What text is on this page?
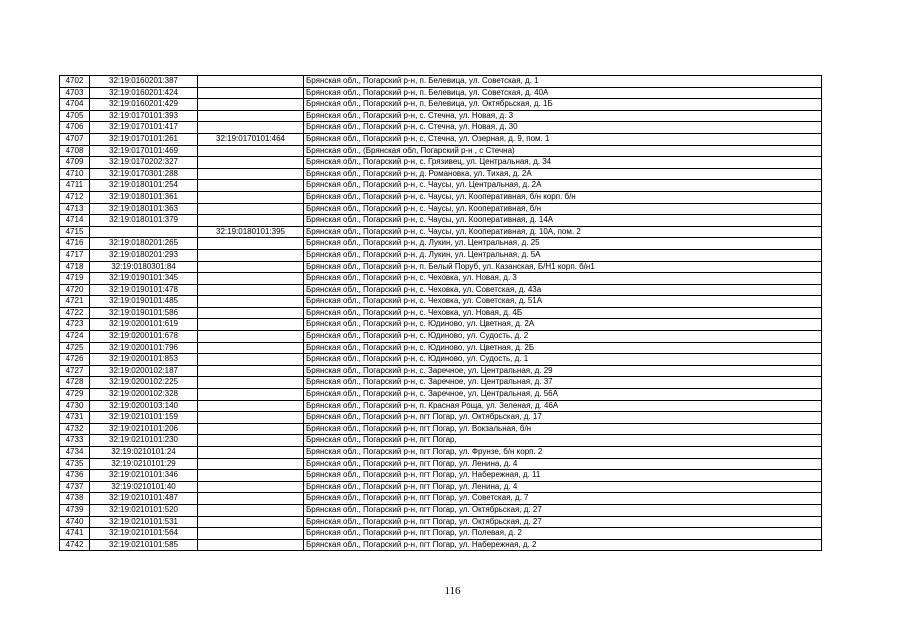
4702	32:19:0160201:387		Брянская обл., Погарский р-н, п. Белевица, ул. Советская, д. 1
4703	32:19:0160201:424		Брянская обл., Погарский р-н, п. Белевица, ул. Советская, д. 40А
4704	32:19:0160201:429		Брянская обл., Погарский р-н, п. Белевица, ул. Октябрьская, д. 1Б
4705	32:19:0170101:393		Брянская обл., Погарский р-н, с. Стечна, ул. Новая, д. 3
4706	32:19:0170101:417		Брянская обл., Погарский р-н, с. Стечна, ул. Новая, д. 30
4707	32:19:0170101:261	32:19:0170101:464	Брянская обл., Погарский р-н, с. Стечна, ул. Озерная, д. 9, пом. 1
4708	32:19:0170101:469		Брянская обл., (Брянская обл, Погарский р-н , с Стечна)
4709	32:19:0170202:327		Брянская обл., Погарский р-н, с. Грязивец, ул. Центральная, д. 34
4710	32:19:0170301:288		Брянская обл., Погарский р-н, д. Романовка, ул. Тихая, д. 2А
4711	32:19:0180101:254		Брянская обл., Погарский р-н, с. Чаусы, ул. Центральная, д. 2А
4712	32:19:0180101:361		Брянская обл., Погарский р-н, с. Чаусы, ул. Кооперативная, б/н корп. б/н
4713	32:19:0180101:363		Брянская обл., Погарский р-н, с. Чаусы, ул. Кооперативная, б/н
4714	32:19:0180101:379		Брянская обл., Погарский р-н, с. Чаусы, ул. Кооперативная, д. 14А
4715		32:19:0180101:395	Брянская обл., Погарский р-н, с. Чаусы, ул. Кооперативная, д. 10А, пом. 2
4716	32:19:0180201:265		Брянская обл., Погарский р-н, д. Лукин, ул. Центральная, д. 25
4717	32:19:0180201:293		Брянская обл., Погарский р-н, д. Лукин, ул. Центральная, д. 5А
4718	32:19:0180301:84		Брянская обл., Погарский р-н, п. Белый Поруб, ул. Казанская, Б/Н1 корп. б/н1
4719	32:19:0190101:345		Брянская обл., Погарский р-н, с. Чеховка, ул. Новая, д. 3
4720	32:19:0190101:478		Брянская обл., Погарский р-н, с. Чеховка, ул. Советская, д. 43а
4721	32:19:0190101:485		Брянская обл., Погарский р-н, с. Чеховка, ул. Советская, д. 51А
4722	32:19:0190101:586		Брянская обл., Погарский р-н, с. Чеховка, ул. Новая, д. 4Б
4723	32:19:0200101:619		Брянская обл., Погарский р-н, с. Юдиново, ул. Цветная, д. 2А
4724	32:19:0200101:678		Брянская обл., Погарский р-н, с. Юдиново, ул. Судость, д. 2
4725	32:19:0200101:796		Брянская обл., Погарский р-н, с. Юдиново, ул. Цветная, д. 2Б
4726	32:19:0200101:853		Брянская обл., Погарский р-н, с. Юдиново, ул. Судость, д. 1
4727	32:19:0200102:187		Брянская обл., Погарский р-н, с. Заречное, ул. Центральная, д. 29
4728	32:19:0200102:225		Брянская обл., Погарский р-н, с. Заречное, ул. Центральная, д. 37
4729	32:19:0200102:328		Брянская обл., Погарский р-н, с. Заречное, ул. Центральная, д. 56А
4730	32:19:0200103:140		Брянская обл., Погарский р-н, п. Красная Роща, ул. Зеленая, д. 46А
4731	32:19:0210101:159		Брянская обл., Погарский р-н, пгт Погар, ул. Октябрьская, д. 17
4732	32:19:0210101:206		Брянская обл., Погарский р-н, пгт Погар, ул. Вокзальная, б/н
4733	32:19:0210101:230		Брянская обл., Погарский р-н, пгт Погар,
4734	32:19:0210101:24		Брянская обл., Погарский р-н, пгт Погар, ул. Фрунзе, б/н корп. 2
4735	32:19:0210101:29		Брянская обл., Погарский р-н, пгт Погар, ул. Ленина, д. 4
4736	32:19:0210101:346		Брянская обл., Погарский р-н, пгт Погар, ул. Набережная, д. 11
4737	32:19:0210101:40		Брянская обл., Погарский р-н, пгт Погар, ул. Ленина, д. 4
4738	32:19:0210101:487		Брянская обл., Погарский р-н, пгт Погар, ул. Советская, д. 7
4739	32:19:0210101:520		Брянская обл., Погарский р-н, пгт Погар, ул. Октябрьская, д. 27
4740	32:19:0210101:531		Брянская обл., Погарский р-н, пгт Погар, ул. Октябрьская, д. 27
4741	32:19:0210101:564		Брянская обл., Погарский р-н, пгт Погар, ул. Полевая, д. 2
4742	32:19:0210101:585		Брянская обл., Погарский р-н, пгт Погар, ул. Набережная, д. 2
116
